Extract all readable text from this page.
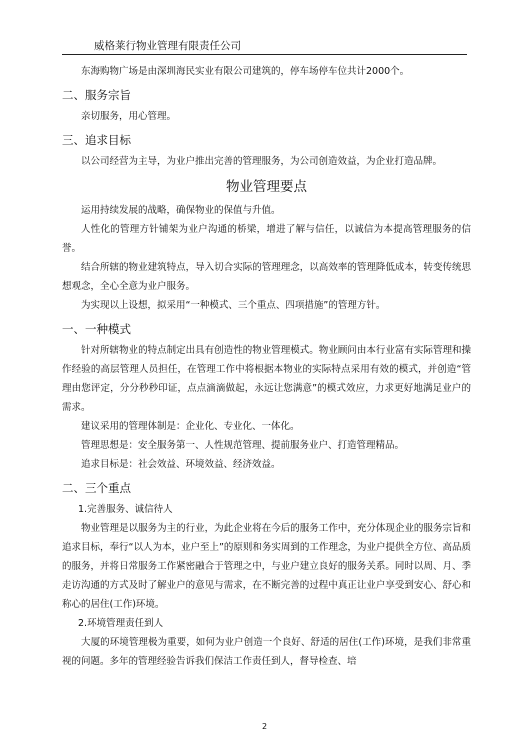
威格莱行物业管理有限责任公司

东海购物广场是由深圳海民实业有限公司建筑的，停车场停车位共计2000个。

二、服务宗旨

亲切服务，用心管理。

三、追求目标

以公司经营为主导，为业户推出完善的管理服务，为公司创造效益，为企业打造品牌。

物业管理要点

运用持续发展的战略，确保物业的保值与升值。

人性化的管理方针铺架为业户沟通的桥梁，增进了解与信任，以诚信为本提高管理服务的信誉。

结合所辖的物业建筑特点，导入切合实际的管理理念，以高效率的管理降低成本，转变传统思想观念，全心全意为业户服务。

为实现以上设想，拟采用“一种模式、三个重点、四项措施”的管理方针。

一、一种模式

针对所辖物业的特点制定出具有创造性的物业管理模式。物业顾问由本行业富有实际管理和操作经验的高层管理人员担任，在管理工作中将根据本物业的实际特点采用有效的模式，并创造“管理由您评定，分分秒秒印证，点点滴滴做起，永远让您满意”的模式效应，力求更好地满足业户的需求。

建议采用的管理体制是：企业化、专业化、一体化。

管理思想是：安全服务第一、人性规范管理、提前服务业户、打造管理精品。

追求目标是：社会效益、环境效益、经济效益。

二、三个重点

1.完善服务、诚信待人

物业管理是以服务为主的行业，为此企业将在今后的服务工作中，充分体现企业的服务宗旨和追求目标，奉行“以人为本，业户至上”的原则和务实周到的工作理念，为业户提供全方位、高品质的服务，并将日常服务工作紧密融合于管理之中，与业户建立良好的服务关系。同时以周、月、季走访沟通的方式及时了解业户的意见与需求，在不断完善的过程中真正让业户享受到安心、舒心和称心的居住(工作)环境。

2.环境管理责任到人

大厦的环境管理极为重要，如何为业户创造一个良好、舒适的居住(工作)环境，是我们非常重视的问题。多年的管理经验告诉我们保洁工作责任到人，督导检查、培

2
